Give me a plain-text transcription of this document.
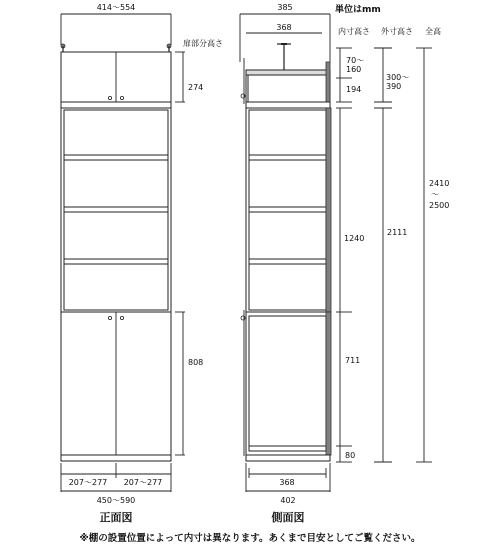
414～554
扉部分高さ
274
808
207～277 207～277
450～590
正面図
385
368
368
402
側面図
単位はmm
内寸高さ 外寸高さ 全高
70～
160
194
1240
711
80
300～
390
2111
2410
～
2500
※棚の設置位置によって内寸は異なります。あくまで目安としてご覧ください。
